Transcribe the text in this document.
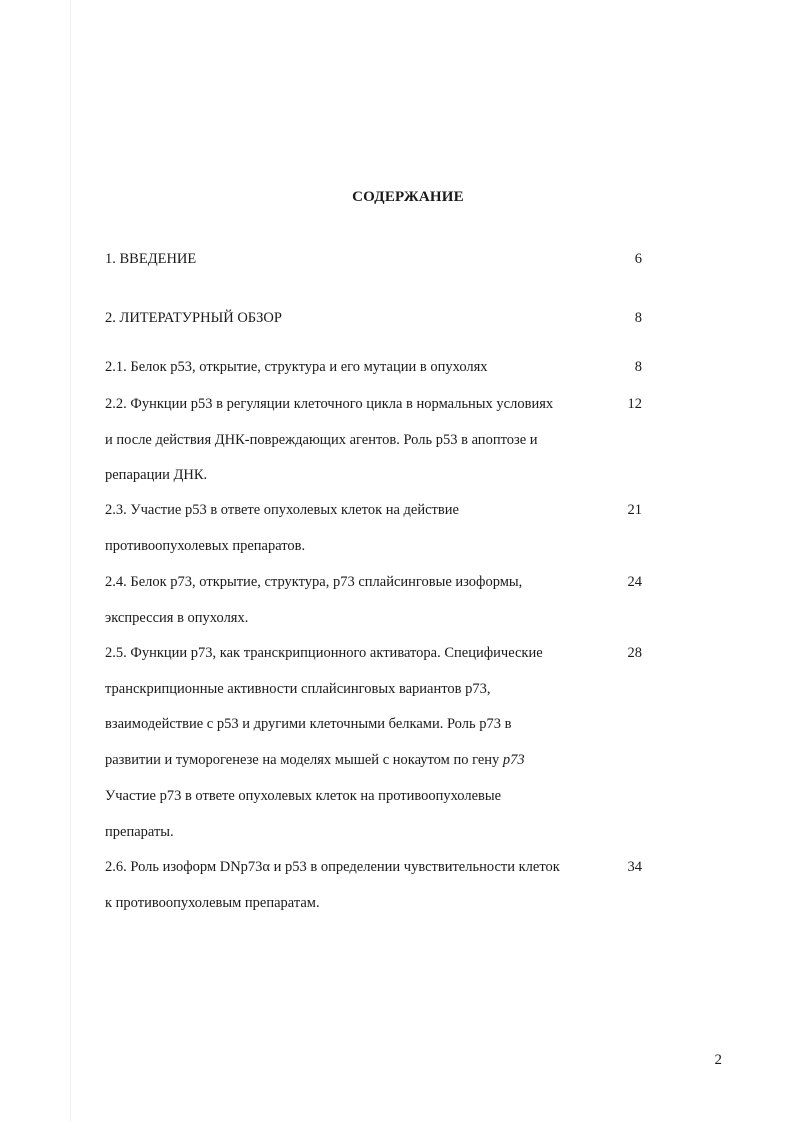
СОДЕРЖАНИЕ
1. ВВЕДЕНИЕ	6
2. ЛИТЕРАТУРНЫЙ ОБЗОР	8
2.1. Белок р53, открытие, структура и его мутации в опухолях	8
2.2. Функции р53 в регуляции клеточного цикла в нормальных условиях	12
и после действия ДНК-повреждающих агентов. Роль р53 в апоптозе и
репарации ДНК.
2.3. Участие р53 в ответе опухолевых клеток на действие	21
противоопухолевых препаратов.
2.4. Белок р73, открытие, структура, р73 сплайсинговые изоформы,	24
экспрессия в опухолях.
2.5. Функции р73, как транскрипционного активатора. Специфические	28
транскрипционные активности сплайсинговых вариантов р73,
взаимодействие с р53 и другими клеточными белками. Роль р73 в
развитии и туморогенезе на моделях мышей с нокаутом по гену p73
Участие р73 в ответе опухолевых клеток на противоопухолевые
препараты.
2.6. Роль изоформ DNp73α и р53 в определении чувствительности клеток	34
к противоопухолевым препаратам.
2
